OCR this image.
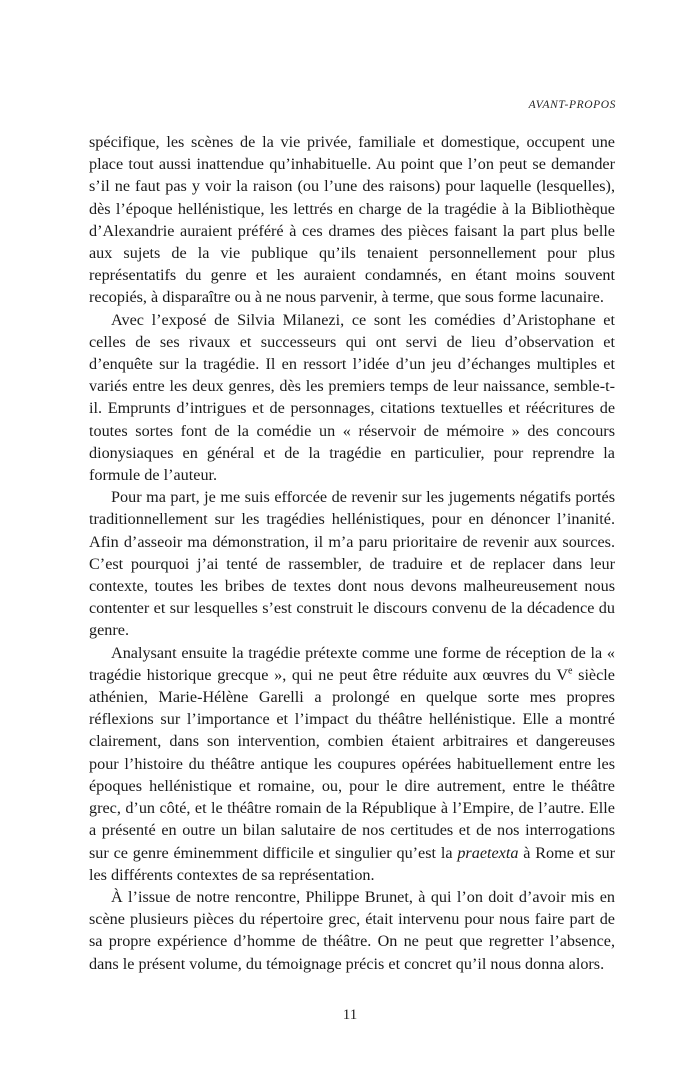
AVANT-PROPOS

spécifique, les scènes de la vie privée, familiale et domestique, occupent une place tout aussi inattendue qu’inhabituelle. Au point que l’on peut se demander s’il ne faut pas y voir la raison (ou l’une des raisons) pour laquelle (lesquelles), dès l’époque hellénistique, les lettrés en charge de la tragédie à la Bibliothèque d’Alexandrie auraient préféré à ces drames des pièces faisant la part plus belle aux sujets de la vie publique qu’ils tenaient personnellement pour plus représentatifs du genre et les auraient condamnés, en étant moins souvent recopiés, à disparaître ou à ne nous parvenir, à terme, que sous forme lacunaire.

Avec l’exposé de Silvia Milanezi, ce sont les comédies d’Aristophane et celles de ses rivaux et successeurs qui ont servi de lieu d’observation et d’enquête sur la tragédie. Il en ressort l’idée d’un jeu d’échanges multiples et variés entre les deux genres, dès les premiers temps de leur naissance, semble-t-il. Emprunts d’intrigues et de personnages, citations textuelles et réécritures de toutes sortes font de la comédie un « réservoir de mémoire » des concours dionysiaques en général et de la tragédie en particulier, pour reprendre la formule de l’auteur.

Pour ma part, je me suis efforcée de revenir sur les jugements négatifs portés traditionnellement sur les tragédies hellénistiques, pour en dénoncer l’inanité. Afin d’asseoir ma démonstration, il m’a paru prioritaire de revenir aux sources. C’est pourquoi j’ai tenté de rassembler, de traduire et de replacer dans leur contexte, toutes les bribes de textes dont nous devons malheureusement nous contenter et sur lesquelles s’est construit le discours convenu de la décadence du genre.

Analysant ensuite la tragédie prétexte comme une forme de réception de la « tragédie historique grecque », qui ne peut être réduite aux œuvres du Ve siècle athénien, Marie-Hélène Garelli a prolongé en quelque sorte mes propres réflexions sur l’importance et l’impact du théâtre hellénistique. Elle a montré clairement, dans son intervention, combien étaient arbitraires et dangereuses pour l’histoire du théâtre antique les coupures opérées habituellement entre les époques hellénistique et romaine, ou, pour le dire autrement, entre le théâtre grec, d’un côté, et le théâtre romain de la République à l’Empire, de l’autre. Elle a présenté en outre un bilan salutaire de nos certitudes et de nos interrogations sur ce genre éminemment difficile et singulier qu’est la praetexta à Rome et sur les différents contextes de sa représentation.

À l’issue de notre rencontre, Philippe Brunet, à qui l’on doit d’avoir mis en scène plusieurs pièces du répertoire grec, était intervenu pour nous faire part de sa propre expérience d’homme de théâtre. On ne peut que regretter l’absence, dans le présent volume, du témoignage précis et concret qu’il nous donna alors.

11
